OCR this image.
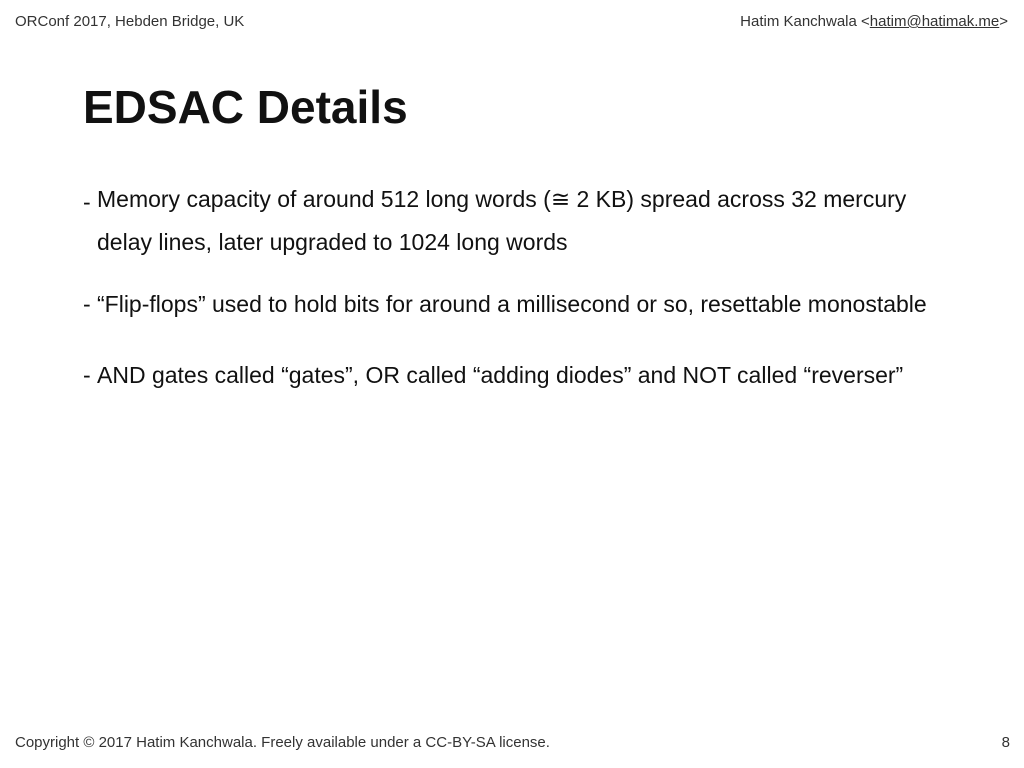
ORConf 2017, Hebden Bridge, UK	Hatim Kanchwala <hatim@hatimak.me>
EDSAC Details
- Memory capacity of around 512 long words (≅ 2 KB) spread across 32 mercury delay lines, later upgraded to 1024 long words
- “Flip-flops” used to hold bits for around a millisecond or so, resettable monostable
- AND gates called “gates”, OR called “adding diodes” and NOT called “reverser”
Copyright © 2017 Hatim Kanchwala. Freely available under a CC-BY-SA license.	8
